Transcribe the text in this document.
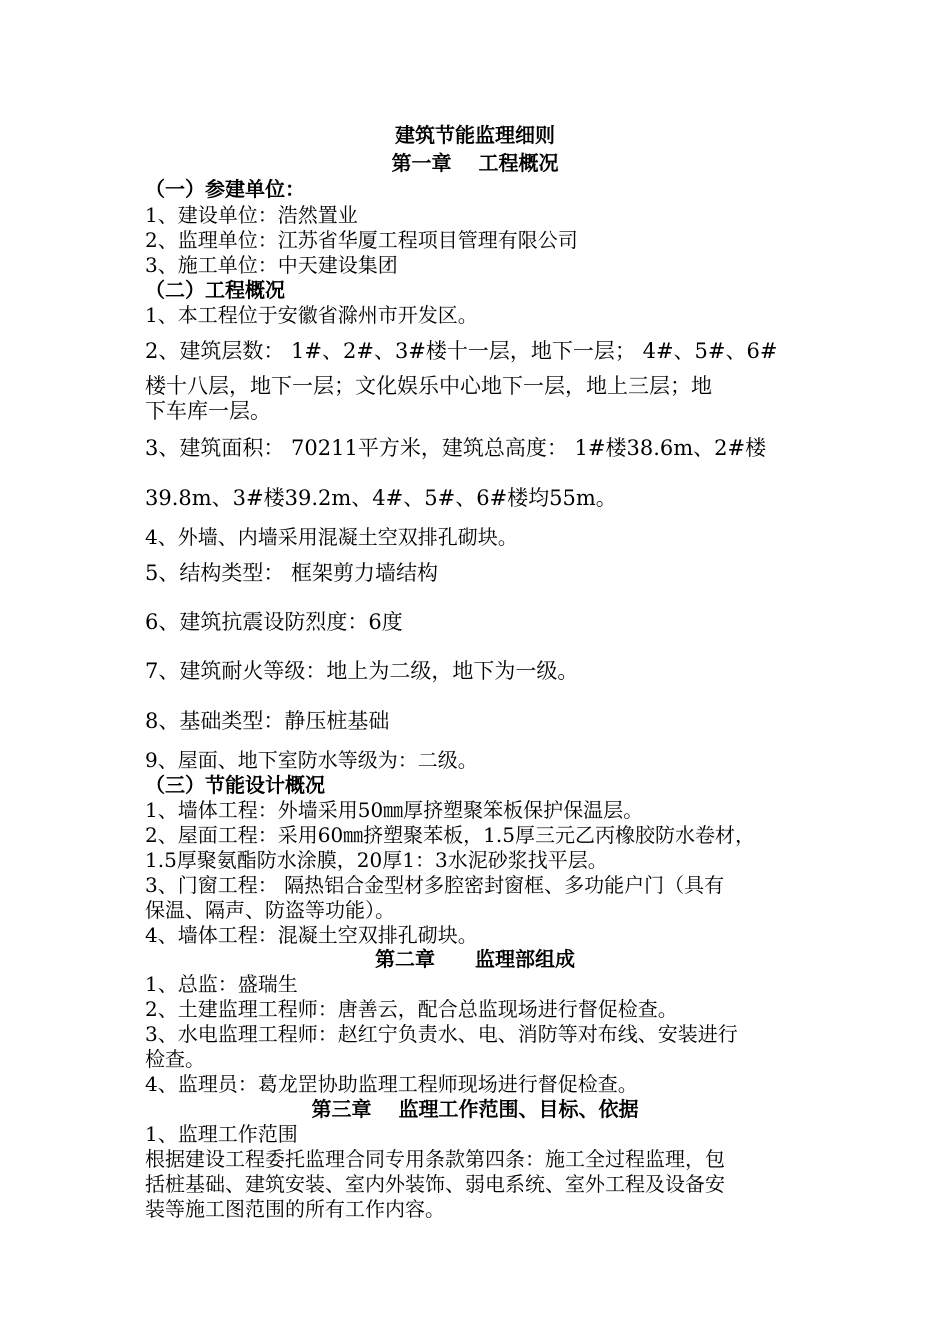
建筑节能监理细则
第一章　 工程概况
（一）参建单位：
1、建设单位：浩然置业
2、监理单位：江苏省华厦工程项目管理有限公司
3、施工单位：中天建设集团
（二）工程概况
1、本工程位于安徽省滁州市开发区。
2、建筑层数： 1#、2#、3#楼十一层，地下一层； 4#、5#、6#
楼十八层，地下一层；文化娱乐中心地下一层，地上三层；地
下车库一层。
3、建筑面积： 70211平方米，建筑总高度： 1#楼38.6m、2#楼
39.8m、3#楼39.2m、4#、5#、6#楼均55m。
4、外墙、内墙采用混凝土空双排孔砌块。
5、结构类型： 框架剪力墙结构
6、建筑抗震设防烈度：6度
7、建筑耐火等级：地上为二级，地下为一级。
8、基础类型：静压桩基础
9、屋面、地下室防水等级为：二级。
（三）节能设计概况
1、墙体工程：外墙采用50㎜厚挤塑聚笨板保护保温层。
2、屋面工程：采用60㎜挤塑聚苯板，1.5厚三元乙丙橡胶防水卷材，
1.5厚聚氨酯防水涂膜，20厚1：3水泥砂浆找平层。
3、门窗工程： 隔热铝合金型材多腔密封窗框、多功能户门（具有
保温、隔声、防盗等功能）。
4、墙体工程：混凝土空双排孔砌块。
第二章　　监理部组成
1、总监：盛瑞生
2、土建监理工程师：唐善云，配合总监现场进行督促检查。
3、水电监理工程师：赵红宁负责水、电、消防等对布线、安装进行
检查。
4、监理员：葛龙罡协助监理工程师现场进行督促检查。
第三章　 监理工作范围、目标、依据
1、监理工作范围
根据建设工程委托监理合同专用条款第四条：施工全过程监理，包
括桩基础、建筑安装、室内外装饰、弱电系统、室外工程及设备安
装等施工图范围的所有工作内容。
